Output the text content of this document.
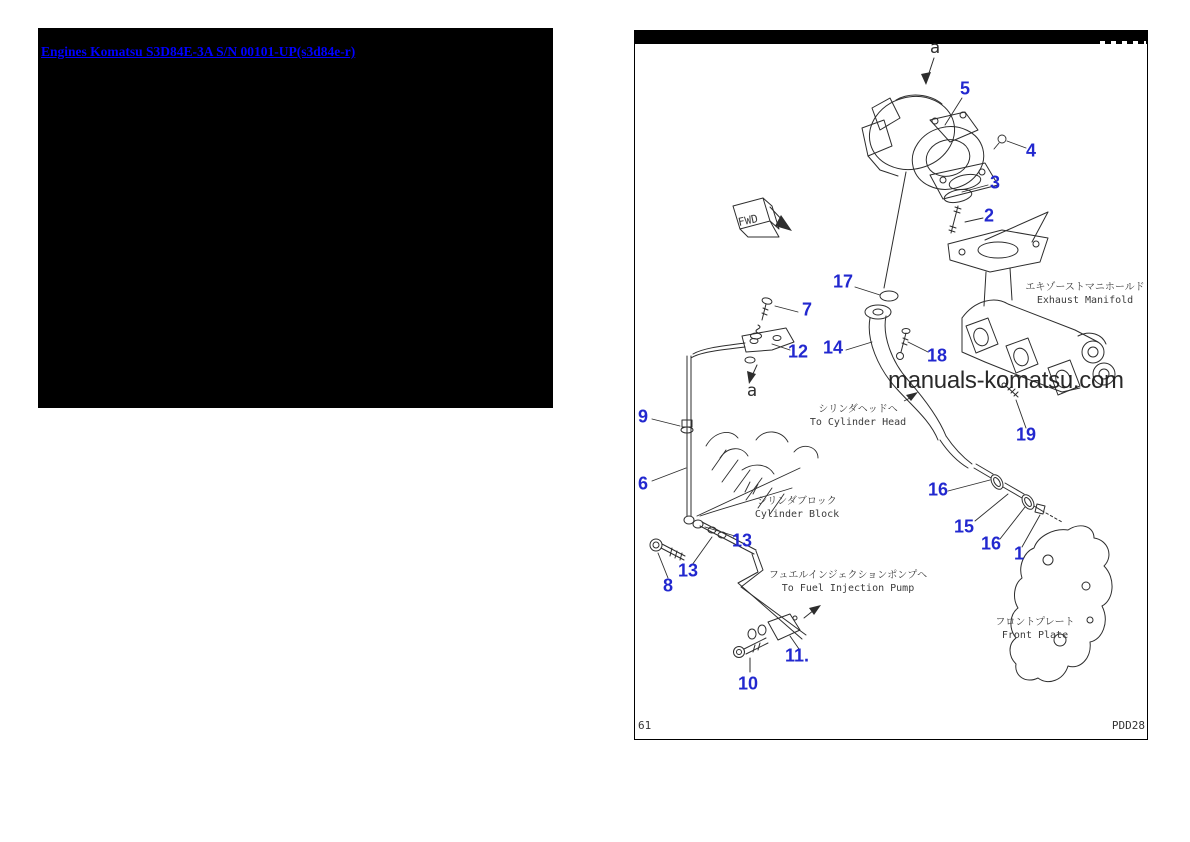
Engines Komatsu S3D84E-3A S/N 00101-UP(s3d84e-r)
FWD
a
a
5
4
3
2
17
7
12 14	18
19
9
6	16
15
16 1
13
13
8
11.
10
エキゾーストマニホールド
Exhaust Manifold
シリンダヘッドへ
To Cylinder Head
シリンダブロック
Cylinder Block
フュエルインジェクションポンプへ
To Fuel Injection Pump
フロントプレート
Front Plate
manuals-komatsu.com
61	PDD28
